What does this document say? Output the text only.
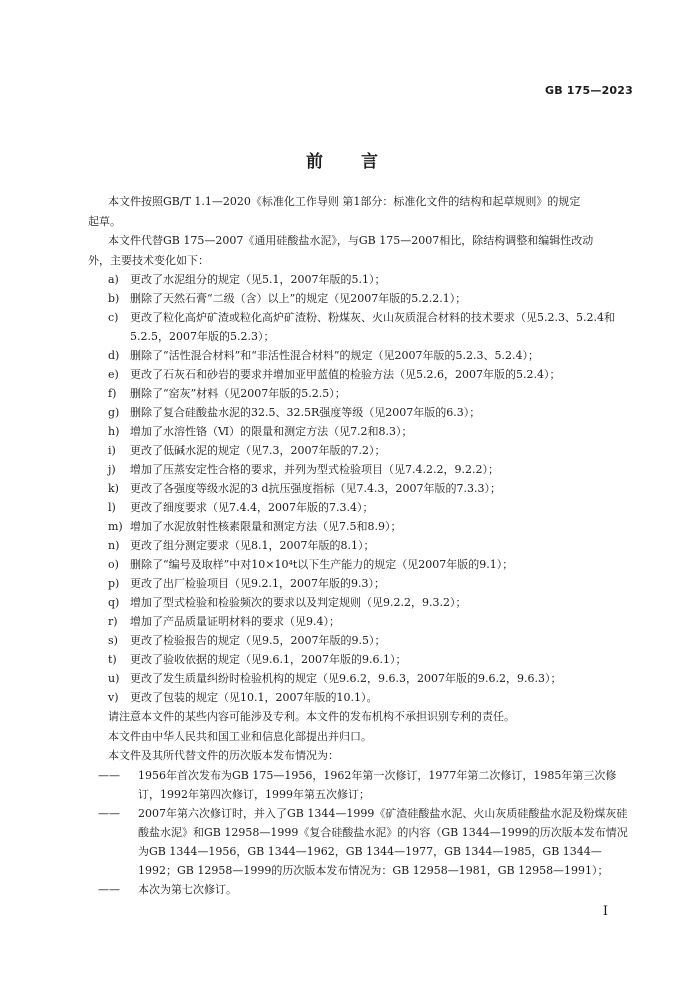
GB 175—2023
前 言
本文件按照GB/T 1.1—2020《标准化工作导则 第1部分：标准化文件的结构和起草规则》的规定
起草。
本文件代替GB 175—2007《通用硅酸盐水泥》，与GB 175—2007相比，除结构调整和编辑性改动
外，主要技术变化如下：
a)	更改了水泥组分的规定（见5.1，2007年版的5.1）；
b) 删除了天然石膏“二级（含）以上”的规定（见2007年版的5.2.2.1）；
c)	更改了粒化高炉矿渣或粒化高炉矿渣粉、粉煤灰、火山灰质混合材料的技术要求（见5.2.3、5.2.4和5.2.5，2007年版的5.2.3）；
d) 删除了“活性混合材料”和“非活性混合材料”的规定（见2007年版的5.2.3、5.2.4）；
e)	更改了石灰石和砂岩的要求并增加亚甲蓝值的检验方法（见5.2.6，2007年版的5.2.4）；
f)	删除了“窑灰”材料（见2007年版的5.2.5）；
g) 删除了复合硅酸盐水泥的32.5、32.5R强度等级（见2007年版的6.3）；
h) 增加了水溶性铬（Ⅵ）的限量和测定方法（见7.2和8.3）；
i)	更改了低碱水泥的规定（见7.3，2007年版的7.2）；
j)	增加了压蒸安定性合格的要求，并列为型式检验项目（见7.4.2.2，9.2.2）；
k)	更改了各强度等级水泥的3 d抗压强度指标（见7.4.3，2007年版的7.3.3）；
l)	更改了细度要求（见7.4.4，2007年版的7.3.4）；
m) 增加了水泥放射性核素限量和测定方法（见7.5和8.9）；
n) 更改了组分测定要求（见8.1，2007年版的8.1）；
o)	删除了“编号及取样”中对10×10⁴t以下生产能力的规定（见2007年版的9.1）；
p) 更改了出厂检验项目（见9.2.1，2007年版的9.3）；
q) 增加了型式检验和检验频次的要求以及判定规则（见9.2.2，9.3.2）；
r)	增加了产品质量证明材料的要求（见9.4）；
s)	更改了检验报告的规定（见9.5，2007年版的9.5）；
t)	更改了验收依据的规定（见9.6.1，2007年版的9.6.1）；
u) 更改了发生质量纠纷时检验机构的规定（见9.6.2，9.6.3，2007年版的9.6.2，9.6.3）；
v)	更改了包装的规定（见10.1，2007年版的10.1）。
请注意本文件的某些内容可能涉及专利。本文件的发布机构不承担识别专利的责任。
本文件由中华人民共和国工业和信息化部提出并归口。
本文件及其所代替文件的历次版本发布情况为：
——	1956年首次发布为GB 175—1956，1962年第一次修订，1977年第二次修订，1985年第三次修订，1992年第四次修订，1999年第五次修订；
——	2007年第六次修订时，并入了GB 1344—1999《矿渣硅酸盐水泥、火山灰质硅酸盐水泥及粉煤灰硅酸盐水泥》和GB 12958—1999《复合硅酸盐水泥》的内容（GB 1344—1999的历次版本发布情况为GB 1344—1956，GB 1344—1962，GB 1344—1977，GB 1344—1985，GB 1344—1992；GB 12958—1999的历次版本发布情况为：GB 12958—1981，GB 12958—1991）；
——	本次为第七次修订。
Ⅰ
